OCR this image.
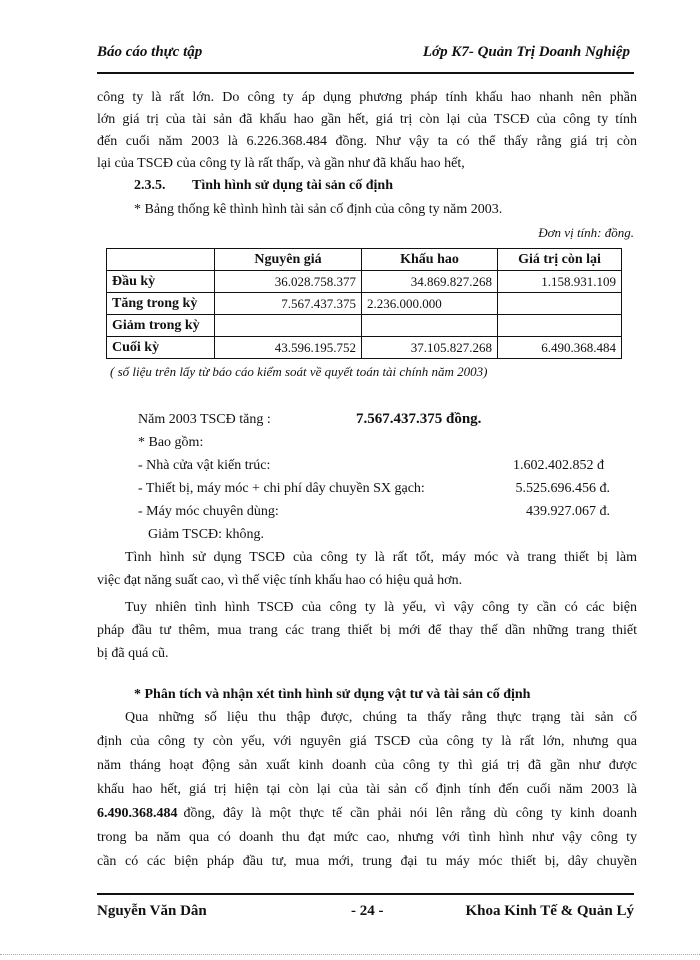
Báo cáo thực tập	Lớp K7- Quản Trị Doanh Nghiệp
công ty là rất lớn. Do công ty áp dụng phương pháp tính khấu hao nhanh nên phần
lớn giá trị của tài sản đã khấu hao gần hết, giá trị còn lại của TSCĐ của công ty tính
đến cuối năm 2003 là 6.226.368.484 đồng. Như vậy ta có thể thấy rằng giá trị còn
lại của TSCĐ của công ty là rất thấp, và gần như đã khấu hao hết,
2.3.5. Tình hình sử dụng tài sản cố định
* Bảng thống kê thình hình tài sản cố định của công ty năm 2003.
Đơn vị tính: đồng.
	Nguyên giá	Khấu hao	Giá trị còn lại
Đầu kỳ	36.028.758.377	34.869.827.268	1.158.931.109
Tăng trong kỳ	7.567.437.375	2.236.000.000	
Giảm trong kỳ			
Cuối kỳ	43.596.195.752	37.105.827.268	6.490.368.484
( số liệu trên lấy từ báo cáo kiểm soát về quyết toán tài chính năm 2003)
Năm 2003 TSCĐ tăng :	7.567.437.375 đồng.
* Bao gồm:
- Nhà cửa vật kiến trúc:	1.602.402.852 đ
- Thiết bị, máy móc + chi phí dây chuyền SX gạch:	5.525.696.456 đ.
- Máy móc chuyên dùng:	439.927.067 đ.
Giảm TSCĐ: không.
Tình hình sử dụng TSCĐ của công ty là rất tốt, máy móc và trang thiết bị làm
việc đạt năng suất cao, vì thế việc tính khấu hao có hiệu quả hơn.
Tuy nhiên tình hình TSCĐ của công ty là yếu, vì vậy công ty cần có các biện
pháp đầu tư thêm, mua trang các trang thiết bị mới để thay thế dần những trang thiết
bị đã quá cũ.
* Phân tích và nhận xét tình hình sử dụng vật tư và tài sản cố định
Qua những số liệu thu thập được, chúng ta thấy rằng thực trạng tài sản cố
định của công ty còn yếu, với nguyên giá TSCĐ của công ty là rất lớn, nhưng qua
năm tháng hoạt động sản xuất kinh doanh của công ty thì giá trị đã gần như được
khấu hao hết, giá trị hiện tại còn lại của tài sản cố định tính đến cuối năm 2003 là
6.490.368.484 đồng, đây là một thực tế cần phải nói lên rằng dù công ty kinh doanh
trong ba năm qua có doanh thu đạt mức cao, nhưng với tình hình như vậy công ty
cần có các biện pháp đầu tư, mua mới, trung đại tu máy móc thiết bị, dây chuyền
Nguyễn Văn Dân	- 24 -	Khoa Kinh Tế & Quản Lý
